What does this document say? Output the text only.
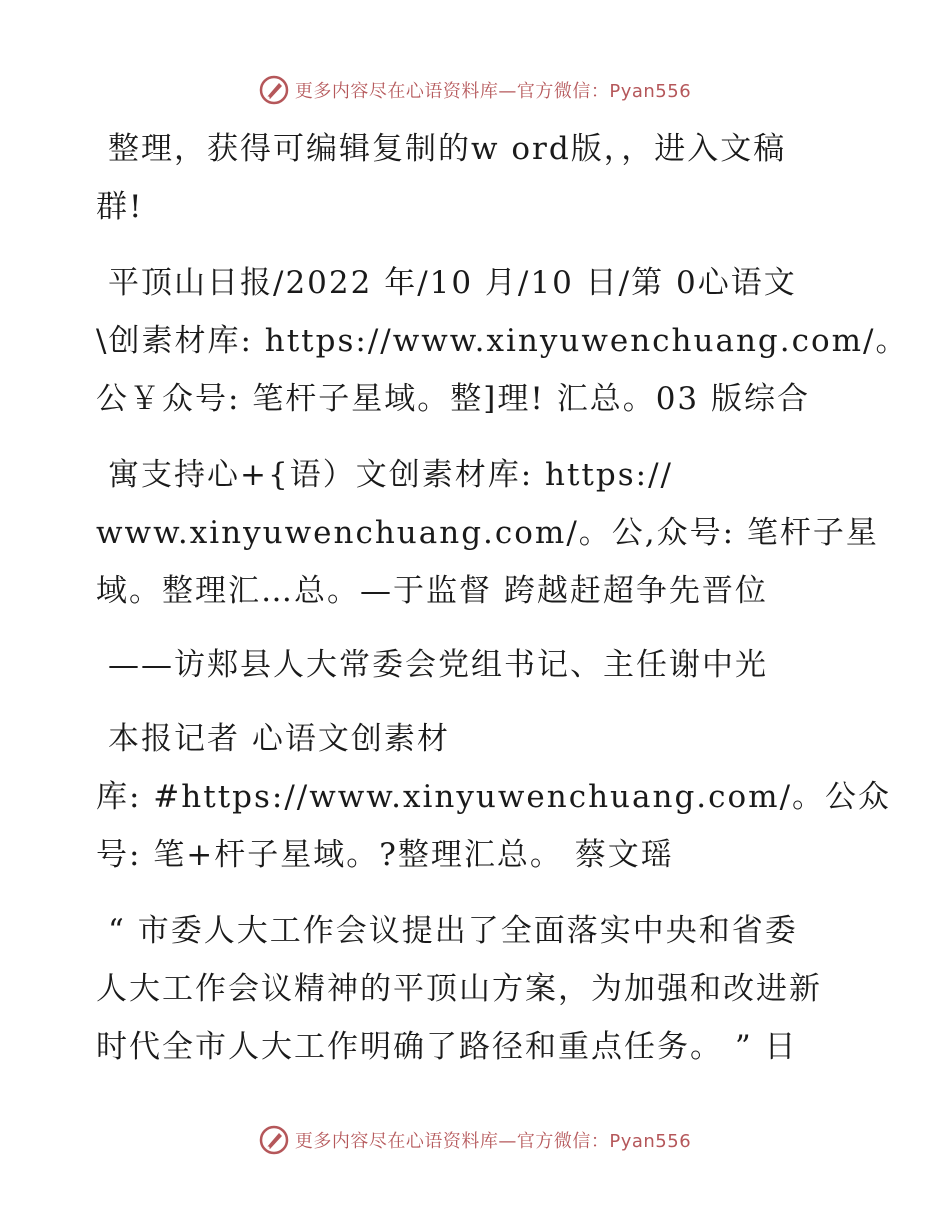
更多内容尽在心语资料库—官方微信：Pyan556
整理，获得可编辑复制的w ord版，，进入文稿
群!
平顶山日报/2022 年/10 月/10 日/第 0心语文
\创素材库: https://www.xinyuwenchuang.com/。
公￥众号: 笔杆子星域。整]理! 汇总。03 版综合
寓支持心+{语）文创素材库: https://
www.xinyuwenchuang.com/。公,众号: 笔杆子星
域。整理汇…总。—于监督 跨越赶超争先晋位
——访郏县人大常委会党组书记、主任谢中光
本报记者 心语文创素材
库: #https://www.xinyuwenchuang.com/。公众
号: 笔+杆子星域。?整理汇总。 蔡文瑶
“ 市委人大工作会议提出了全面落实中央和省委
人大工作会议精神的平顶山方案，为加强和改进新
时代全市人大工作明确了路径和重点任务。 ” 日
更多内容尽在心语资料库—官方微信：Pyan556
